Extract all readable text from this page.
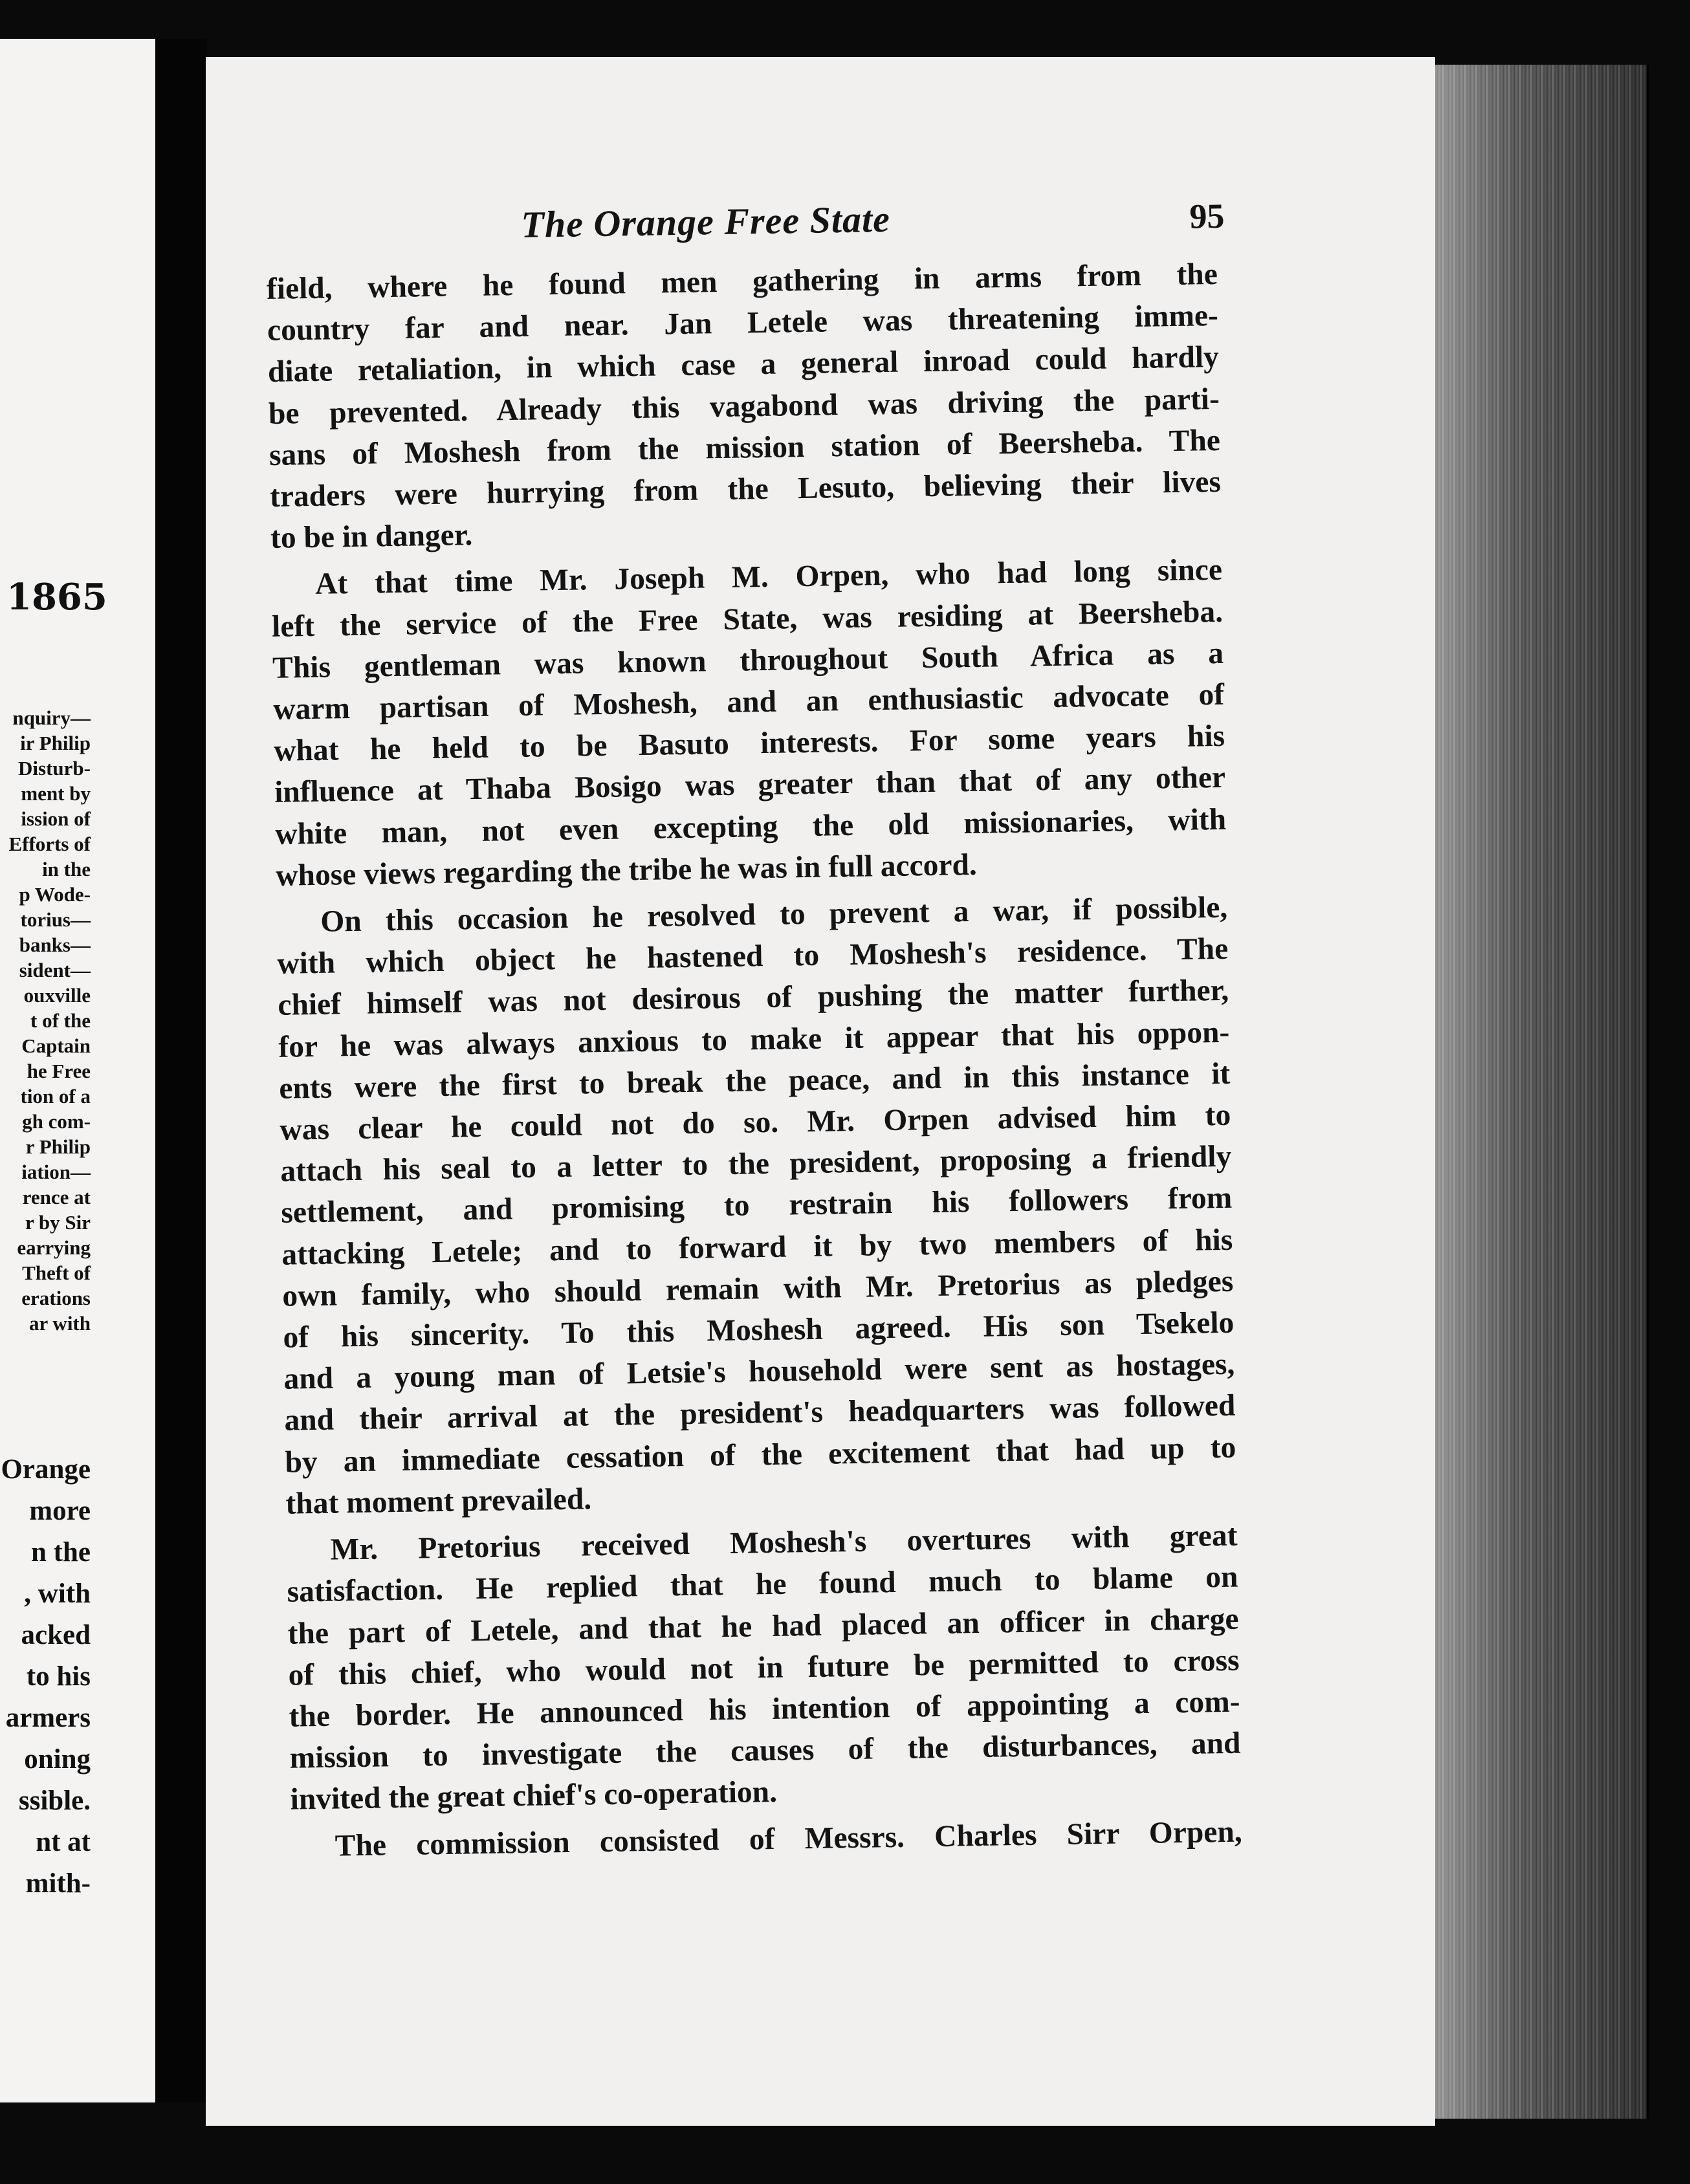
1865
nquiry—
ir Philip
Disturb-
ment by
ission of
Efforts of
in the
p Wode-
torius—
banks—
sident—
ouxville
t of the
Captain
he Free
tion of a
gh com-
r Philip
iation—
rence at
r by Sir
earrying
Theft of
erations
ar with
Orange
more
n the
, with
acked
to his
armers
oning
ssible.
nt at
mith-
The Orange Free State	95
field, where he found men gathering in arms from the
country far and near. Jan Letele was threatening imme-
diate retaliation, in which case a general inroad could hardly
be prevented. Already this vagabond was driving the parti-
sans of Moshesh from the mission station of Beersheba. The
traders were hurrying from the Lesuto, believing their lives
to be in danger.
At that time Mr. Joseph M. Orpen, who had long since
left the service of the Free State, was residing at Beersheba.
This gentleman was known throughout South Africa as a
warm partisan of Moshesh, and an enthusiastic advocate of
what he held to be Basuto interests. For some years his
influence at Thaba Bosigo was greater than that of any other
white man, not even excepting the old missionaries, with
whose views regarding the tribe he was in full accord.
On this occasion he resolved to prevent a war, if possible,
with which object he hastened to Moshesh's residence. The
chief himself was not desirous of pushing the matter further,
for he was always anxious to make it appear that his oppon-
ents were the first to break the peace, and in this instance it
was clear he could not do so. Mr. Orpen advised him to
attach his seal to a letter to the president, proposing a friendly
settlement, and promising to restrain his followers from
attacking Letele; and to forward it by two members of his
own family, who should remain with Mr. Pretorius as pledges
of his sincerity. To this Moshesh agreed. His son Tsekelo
and a young man of Letsie's household were sent as hostages,
and their arrival at the president's headquarters was followed
by an immediate cessation of the excitement that had up to
that moment prevailed.
Mr. Pretorius received Moshesh's overtures with great
satisfaction. He replied that he found much to blame on
the part of Letele, and that he had placed an officer in charge
of this chief, who would not in future be permitted to cross
the border. He announced his intention of appointing a com-
mission to investigate the causes of the disturbances, and
invited the great chief's co-operation.
The commission consisted of Messrs. Charles Sirr Orpen,
